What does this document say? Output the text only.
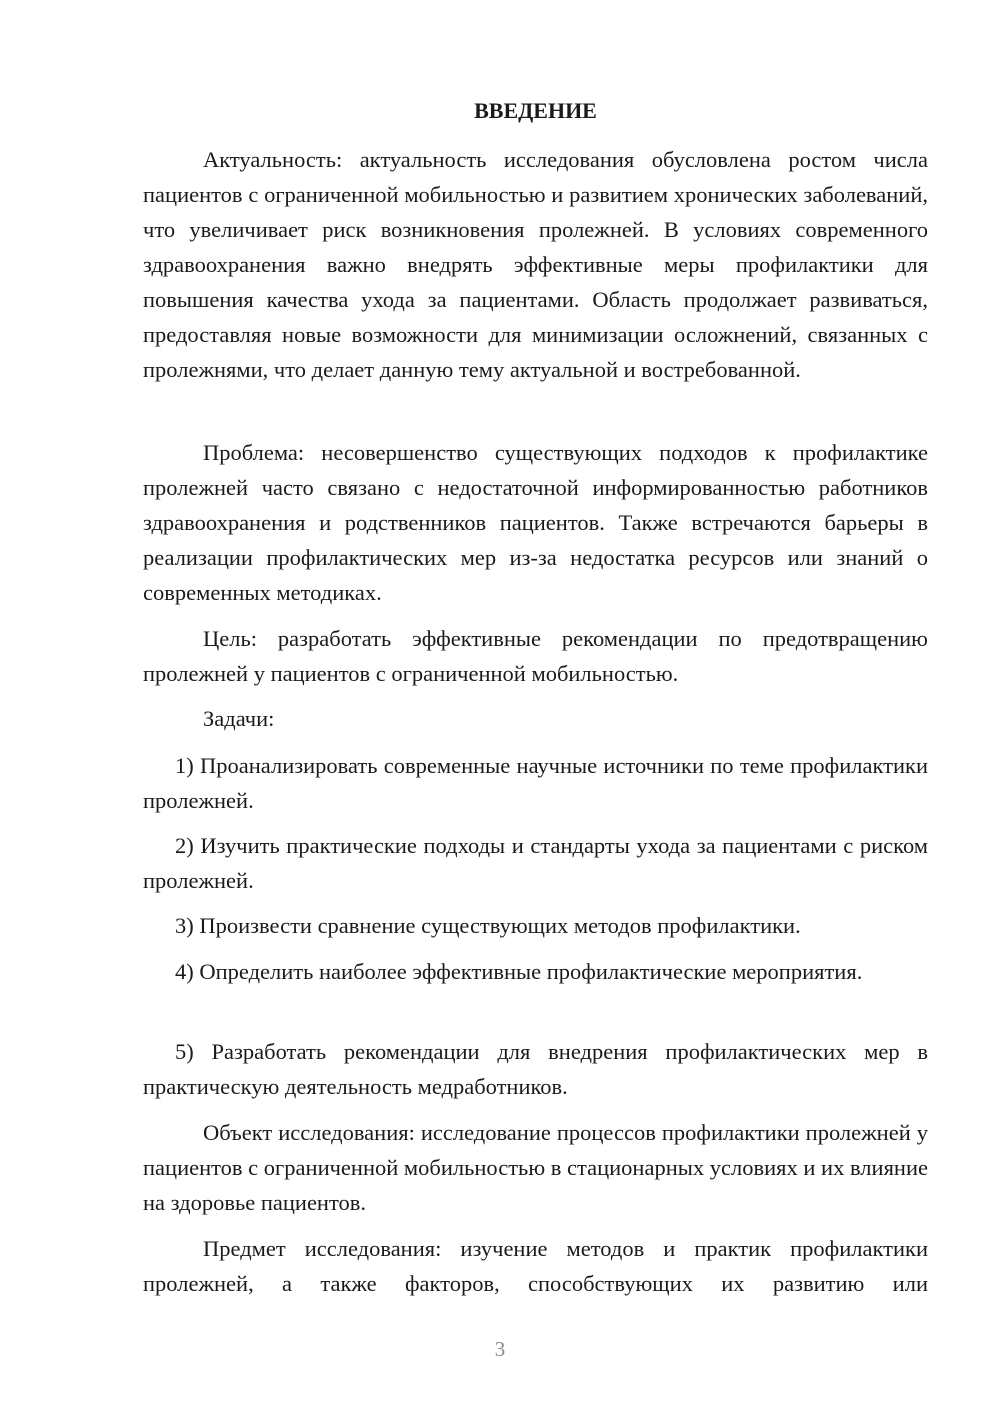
ВВЕДЕНИЕ

Актуальность: актуальность исследования обусловлена ростом числа пациентов с ограниченной мобильностью и развитием хронических заболеваний, что увеличивает риск возникновения пролежней. В условиях современного здравоохранения важно внедрять эффективные меры профилактики для повышения качества ухода за пациентами. Область продолжает развиваться, предоставляя новые возможности для минимизации осложнений, связанных с пролежнями, что делает данную тему актуальной и востребованной.

Проблема: несовершенство существующих подходов к профилактике пролежней часто связано с недостаточной информированностью работников здравоохранения и родственников пациентов. Также встречаются барьеры в реализации профилактических мер из-за недостатка ресурсов или знаний о современных методиках.

Цель: разработать эффективные рекомендации по предотвращению пролежней у пациентов с ограниченной мобильностью.

Задачи:

1) Проанализировать современные научные источники по теме профилактики пролежней.

2) Изучить практические подходы и стандарты ухода за пациентами с риском пролежней.

3) Произвести сравнение существующих методов профилактики.

4) Определить наиболее эффективные профилактические мероприятия.

5) Разработать рекомендации для внедрения профилактических мер в практическую деятельность медработников.

Объект исследования: исследование процессов профилактики пролежней у пациентов с ограниченной мобильностью в стационарных условиях и их влияние на здоровье пациентов.

Предмет исследования: изучение методов и практик профилактики пролежней, а также факторов, способствующих их развитию или

3
